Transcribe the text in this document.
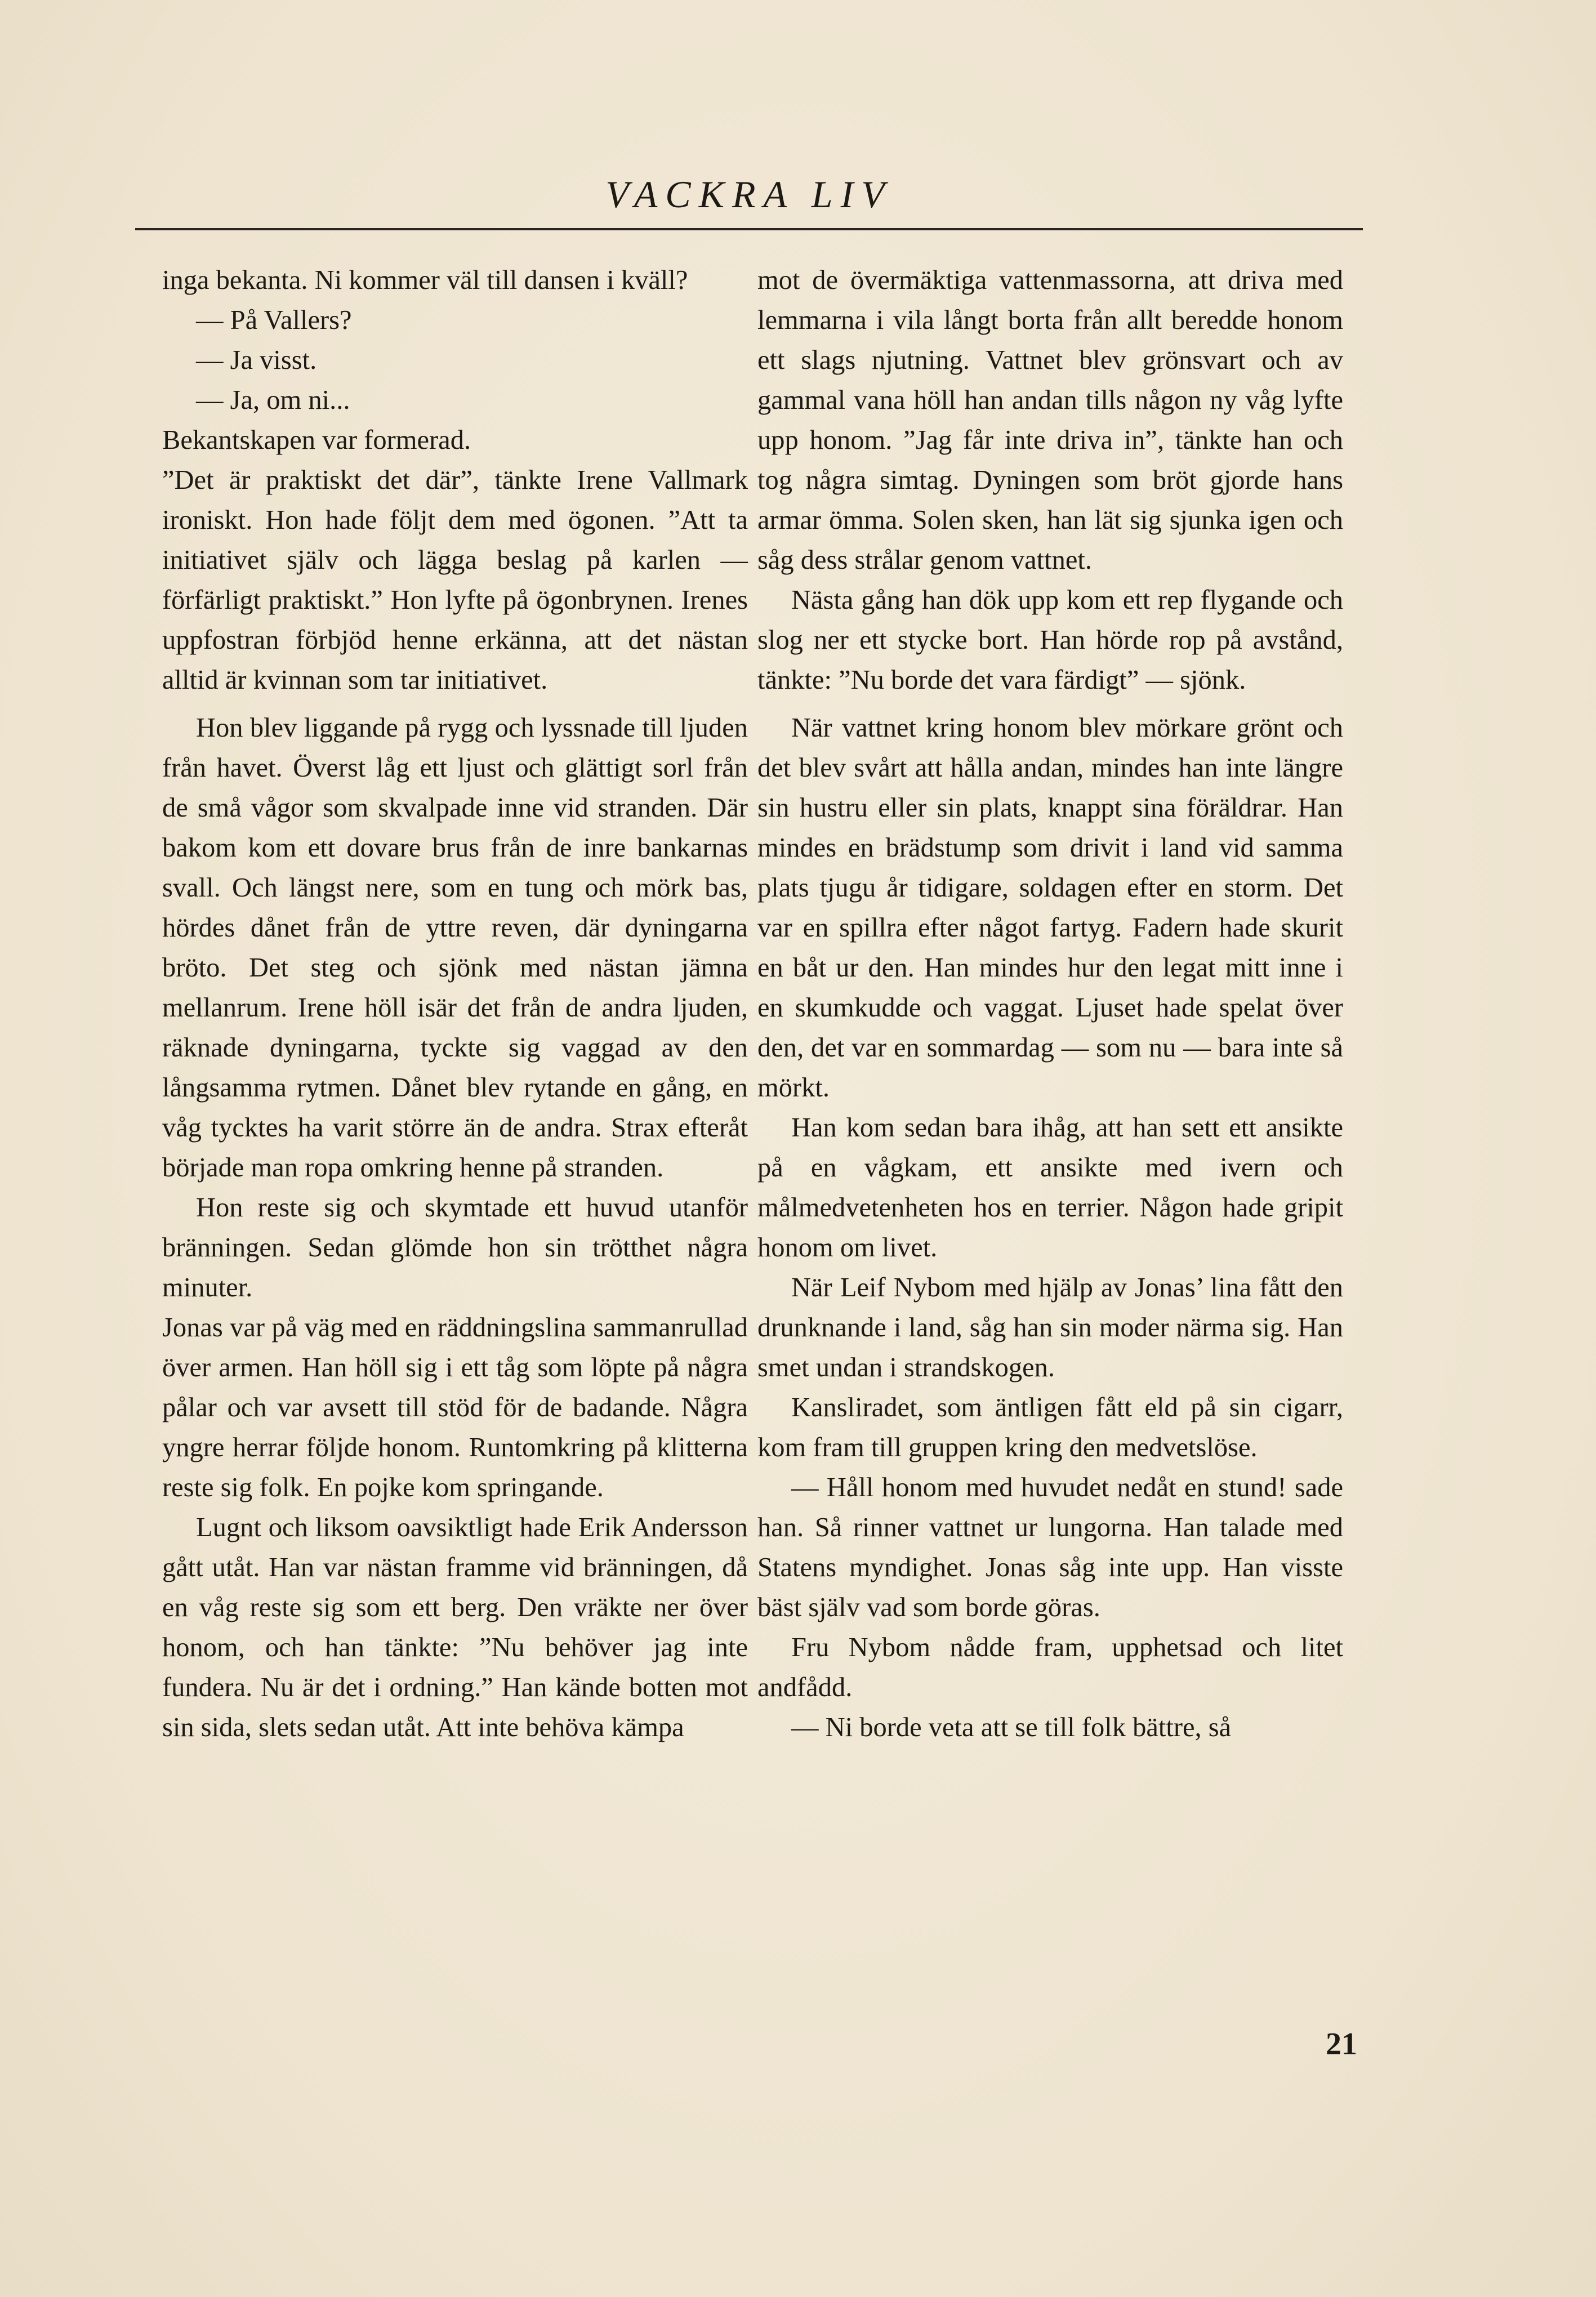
VACKRA LIV

inga bekanta. Ni kommer väl till dansen i kväll?

— På Vallers?

— Ja visst.

— Ja, om ni...

Bekantskapen var formerad.

”Det är praktiskt det där”, tänkte Irene Vallmark ironiskt. Hon hade följt dem med ögonen. ”Att ta initiativet själv och lägga beslag på karlen — förfärligt praktiskt.” Hon lyfte på ögonbrynen. Irenes uppfostran förbjöd henne erkänna, att det nästan alltid är kvinnan som tar initiativet.

Hon blev liggande på rygg och lyssnade till ljuden från havet. Överst låg ett ljust och glättigt sorl från de små vågor som skvalpade inne vid stranden. Där bakom kom ett dovare brus från de inre bankarnas svall. Och längst nere, som en tung och mörk bas, hördes dånet från de yttre reven, där dyningarna bröto. Det steg och sjönk med nästan jämna mellanrum. Irene höll isär det från de andra ljuden, räknade dyningarna, tyckte sig vaggad av den långsamma rytmen. Dånet blev rytande en gång, en våg tycktes ha varit större än de andra. Strax efteråt började man ropa omkring henne på stranden.

Hon reste sig och skymtade ett huvud utanför bränningen. Sedan glömde hon sin trötthet några minuter.

Jonas var på väg med en räddningslina sammanrullad över armen. Han höll sig i ett tåg som löpte på några pålar och var avsett till stöd för de badande. Några yngre herrar följde honom. Runtomkring på klitterna reste sig folk. En pojke kom springande.

Lugnt och liksom oavsiktligt hade Erik Andersson gått utåt. Han var nästan framme vid bränningen, då en våg reste sig som ett berg. Den vräkte ner över honom, och han tänkte: ”Nu behöver jag inte fundera. Nu är det i ordning.” Han kände botten mot sin sida, slets sedan utåt. Att inte behöva kämpa

mot de övermäktiga vattenmassorna, att driva med lemmarna i vila långt borta från allt beredde honom ett slags njutning. Vattnet blev grönsvart och av gammal vana höll han andan tills någon ny våg lyfte upp honom. ”Jag får inte driva in”, tänkte han och tog några simtag. Dyningen som bröt gjorde hans armar ömma. Solen sken, han lät sig sjunka igen och såg dess strålar genom vattnet.

Nästa gång han dök upp kom ett rep flygande och slog ner ett stycke bort. Han hörde rop på avstånd, tänkte: ”Nu borde det vara färdigt” — sjönk.

När vattnet kring honom blev mörkare grönt och det blev svårt att hålla andan, mindes han inte längre sin hustru eller sin plats, knappt sina föräldrar. Han mindes en brädstump som drivit i land vid samma plats tjugu år tidigare, soldagen efter en storm. Det var en spillra efter något fartyg. Fadern hade skurit en båt ur den. Han mindes hur den legat mitt inne i en skumkudde och vaggat. Ljuset hade spelat över den, det var en sommardag — som nu — bara inte så mörkt.

Han kom sedan bara ihåg, att han sett ett ansikte på en vågkam, ett ansikte med ivern och målmedvetenheten hos en terrier. Någon hade gripit honom om livet.

När Leif Nybom med hjälp av Jonas’ lina fått den drunknande i land, såg han sin moder närma sig. Han smet undan i strandskogen.

Kansliradet, som äntligen fått eld på sin cigarr, kom fram till gruppen kring den medvetslöse.

— Håll honom med huvudet nedåt en stund! sade han. Så rinner vattnet ur lungorna. Han talade med Statens myndighet. Jonas såg inte upp. Han visste bäst själv vad som borde göras.

Fru Nybom nådde fram, upphetsad och litet andfådd.

— Ni borde veta att se till folk bättre, så

21
